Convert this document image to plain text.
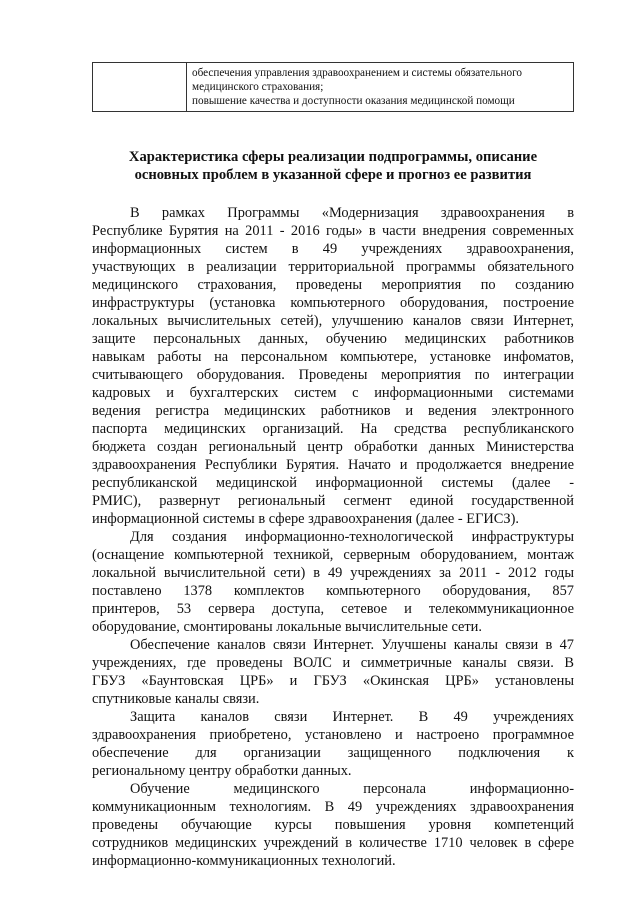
обеспечения управления здравоохранением и системы обязательного
медицинского страхования;
повышение качества и доступности оказания медицинской помощи
Характеристика сферы реализации подпрограммы, описание
основных проблем в указанной сфере и прогноз ее развития
В рамках Программы «Модернизация здравоохранения в
Республике Бурятия на 2011 - 2016 годы» в части внедрения современных
информационных систем в 49 учреждениях здравоохранения,
участвующих в реализации территориальной программы обязательного
медицинского страхования, проведены мероприятия по созданию
инфраструктуры (установка компьютерного оборудования, построение
локальных вычислительных сетей), улучшению каналов связи Интернет,
защите персональных данных, обучению медицинских работников
навыкам работы на персональном компьютере, установке инфоматов,
считывающего оборудования. Проведены мероприятия по интеграции
кадровых и бухгалтерских систем с информационными системами
ведения регистра медицинских работников и ведения электронного
паспорта медицинских организаций. На средства республиканского
бюджета создан региональный центр обработки данных Министерства
здравоохранения Республики Бурятия. Начато и продолжается внедрение
республиканской медицинской информационной системы (далее -
РМИС), развернут региональный сегмент единой государственной
информационной системы в сфере здравоохранения (далее - ЕГИСЗ).
Для создания информационно-технологической инфраструктуры
(оснащение компьютерной техникой, серверным оборудованием, монтаж
локальной вычислительной сети) в 49 учреждениях за 2011 - 2012 годы
поставлено 1378 комплектов компьютерного оборудования, 857
принтеров, 53 сервера доступа, сетевое и телекоммуникационное
оборудование, смонтированы локальные вычислительные сети.
Обеспечение каналов связи Интернет. Улучшены каналы связи в 47
учреждениях, где проведены ВОЛС и симметричные каналы связи. В
ГБУЗ «Баунтовская ЦРБ» и ГБУЗ «Окинская ЦРБ» установлены
спутниковые каналы связи.
Защита каналов связи Интернет. В 49 учреждениях
здравоохранения приобретено, установлено и настроено программное
обеспечение для организации защищенного подключения к
региональному центру обработки данных.
Обучение медицинского персонала информационно-
коммуникационным технологиям. В 49 учреждениях здравоохранения
проведены обучающие курсы повышения уровня компетенций
сотрудников медицинских учреждений в количестве 1710 человек в сфере
информационно-коммуникационных технологий.
